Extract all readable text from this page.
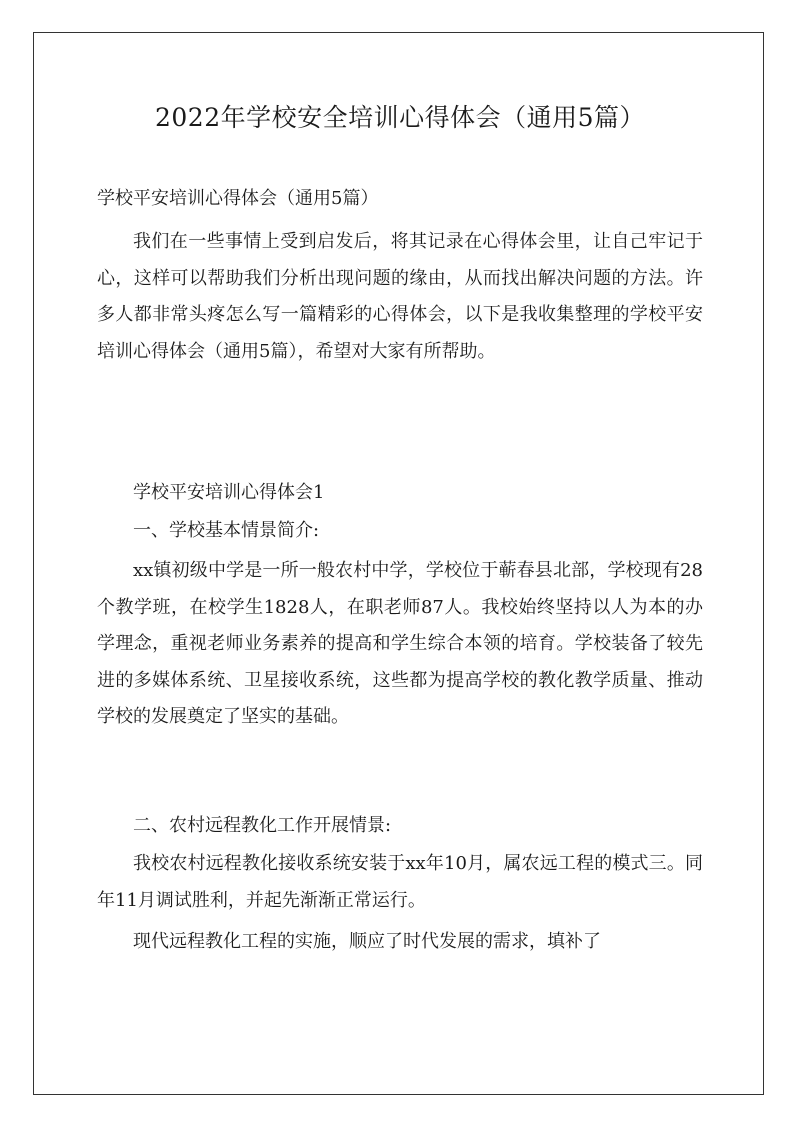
2022年学校安全培训心得体会（通用5篇）
学校平安培训心得体会（通用5篇）

我们在一些事情上受到启发后，将其记录在心得体会里，让自己牢记于心，这样可以帮助我们分析出现问题的缘由，从而找出解决问题的方法。许多人都非常头疼怎么写一篇精彩的心得体会，以下是我收集整理的学校平安培训心得体会（通用5篇），希望对大家有所帮助。

学校平安培训心得体会1
一、学校基本情景简介:

xx镇初级中学是一所一般农村中学，学校位于蕲春县北部，学校现有28个教学班，在校学生1828人，在职老师87人。我校始终坚持以人为本的办学理念，重视老师业务素养的提高和学生综合本领的培育。学校装备了较先进的多媒体系统、卫星接收系统，这些都为提高学校的教化教学质量、推动学校的发展奠定了坚实的基础。

二、农村远程教化工作开展情景:

我校农村远程教化接收系统安装于xx年10月，属农远工程的模式三。同年11月调试胜利，并起先渐渐正常运行。

现代远程教化工程的实施，顺应了时代发展的需求，填补了
